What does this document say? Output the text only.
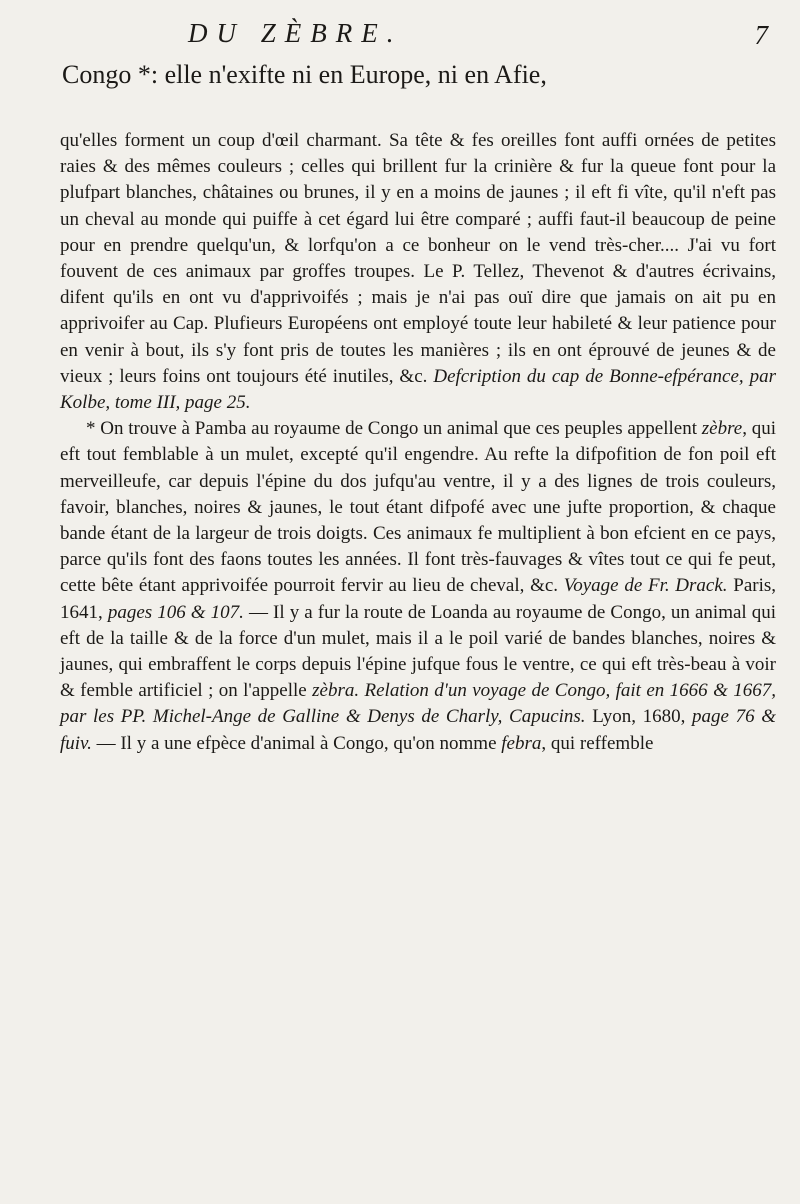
DU ZÈBRE.	7
Congo *: elle n'exifte ni en Europe, ni en Afie,

qu'elles forment un coup d'œil charmant. Sa tête & fes oreilles font auffi ornées de petites raies & des mêmes couleurs ; celles qui brillent fur la crinière & fur la queue font pour la plufpart blanches, châtaines ou brunes, il y en a moins de jaunes ; il eft fi vîte, qu'il n'eft pas un cheval au monde qui puiffe à cet égard lui être comparé ; auffi faut-il beaucoup de peine pour en prendre quelqu'un, & lorfqu'on a ce bonheur on le vend très-cher.... J'ai vu fort fouvent de ces animaux par groffes troupes. Le P. Tellez, Thevenot & d'autres écrivains, difent qu'ils en ont vu d'apprivoifés ; mais je n'ai pas ouï dire que jamais on ait pu en apprivoifer au Cap. Plufieurs Européens ont employé toute leur habileté & leur patience pour en venir à bout, ils s'y font pris de toutes les manières ; ils en ont éprouvé de jeunes & de vieux ; leurs foins ont toujours été inutiles, &c. Defcription du cap de Bonne-efpérance, par Kolbe, tome III, page 25.

* On trouve à Pamba au royaume de Congo un animal que ces peuples appellent zèbre, qui eft tout femblable à un mulet, excepté qu'il engendre. Au refte la difpofition de fon poil eft merveilleufe, car depuis l'épine du dos jufqu'au ventre, il y a des lignes de trois couleurs, favoir, blanches, noires & jaunes, le tout étant difpofé avec une jufte proportion, & chaque bande étant de la largeur de trois doigts. Ces animaux fe multiplient à bon efcient en ce pays, parce qu'ils font des faons toutes les années. Il font très-fauvages & vîtes tout ce qui fe peut, cette bête étant apprivoifée pourroit fervir au lieu de cheval, &c. Voyage de Fr. Drack. Paris, 1641, pages 106 & 107. — Il y a fur la route de Loanda au royaume de Congo, un animal qui eft de la taille & de la force d'un mulet, mais il a le poil varié de bandes blanches, noires & jaunes, qui embraffent le corps depuis l'épine jufque fous le ventre, ce qui eft très-beau à voir & femble artificiel ; on l'appelle zèbra. Relation d'un voyage de Congo, fait en 1666 & 1667, par les PP. Michel-Ange de Galline & Denys de Charly, Capucins. Lyon, 1680, page 76 & fuiv. — Il y a une efpèce d'animal à Congo, qu'on nomme febra, qui reffemble
